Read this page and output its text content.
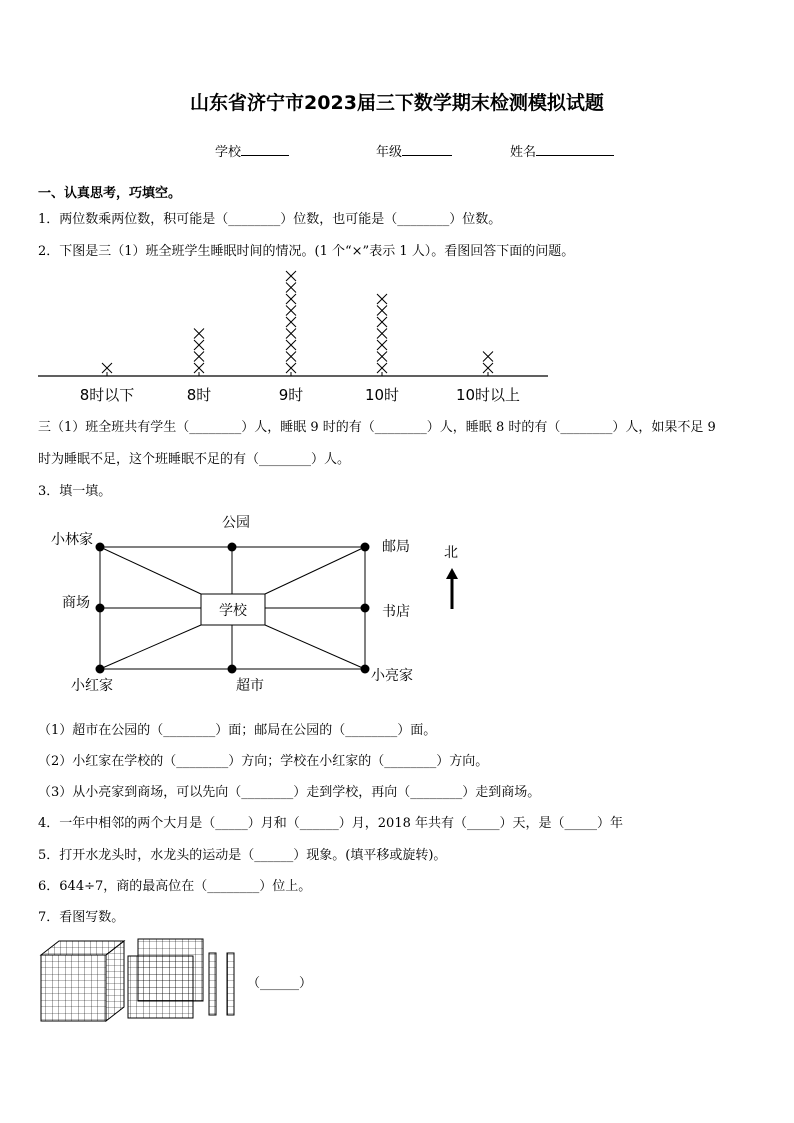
山东省济宁市2023届三下数学期末检测模拟试题
学校	年级	姓名
一、认真思考，巧填空。
1．两位数乘两位数，积可能是（________）位数，也可能是（________）位数。
2．下图是三（1）班全班学生睡眠时间的情况。(1 个“×”表示 1 人）。看图回答下面的问题。
8时以下	8时	9时	10时	10时以上
三（1）班全班共有学生（________）人，睡眠 9 时的有（________）人，睡眠 8 时的有（________）人，如果不足 9
时为睡眠不足，这个班睡眠不足的有（________）人。
3．填一填。
公园
小林家	邮局
商场	学校	书店
小红家	超市
小亮家
北
（1）超市在公园的（________）面；邮局在公园的（________）面。
（2）小红家在学校的（________）方向；学校在小红家的（________）方向。
（3）从小亮家到商场，可以先向（________）走到学校，再向（________）走到商场。
4．一年中相邻的两个大月是（_____）月和（______）月，2018 年共有（_____）天，是（_____）年
5．打开水龙头时，水龙头的运动是（______）现象。(填平移或旋转)。
6．644÷7，商的最高位在（________）位上。
7．看图写数。
（______）
